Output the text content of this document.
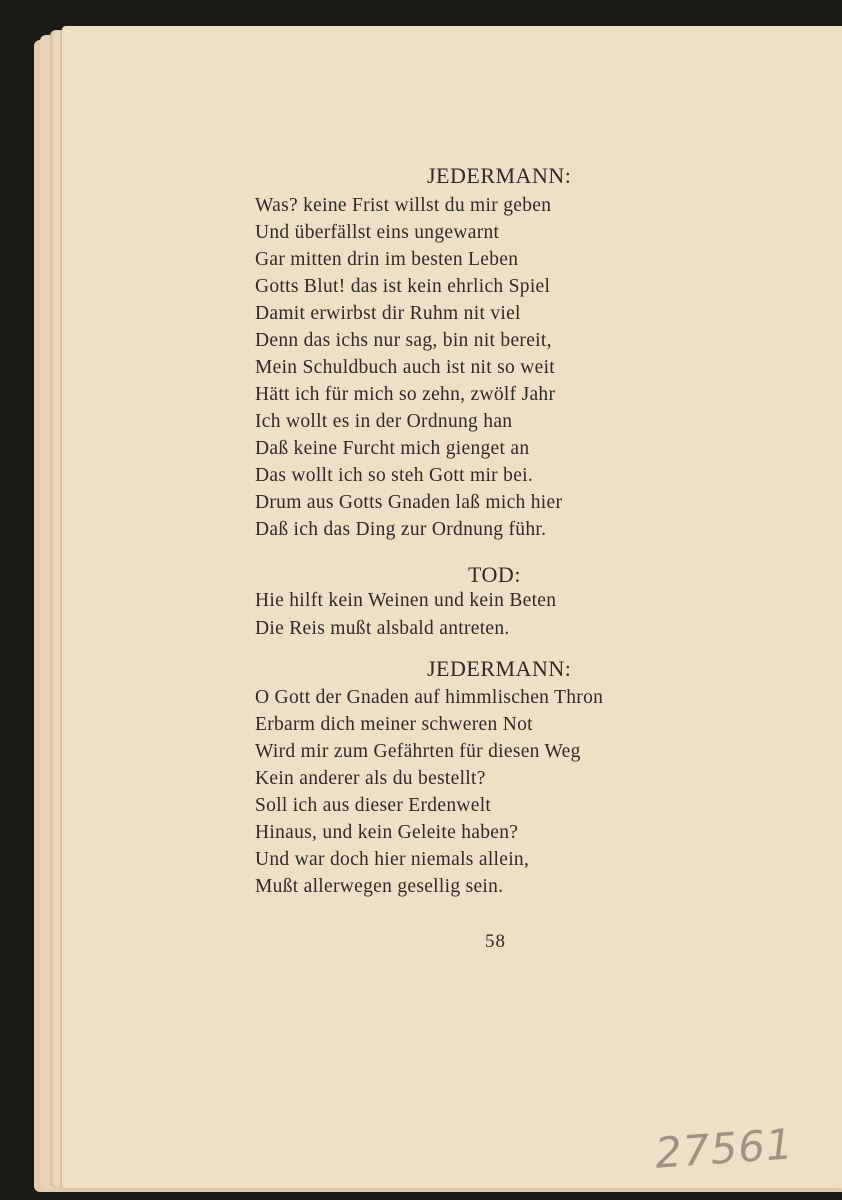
JEDERMANN:
Was? keine Frist willst du mir geben
Und überfällst eins ungewarnt
Gar mitten drin im besten Leben
Gotts Blut! das ist kein ehrlich Spiel
Damit erwirbst dir Ruhm nit viel
Denn das ichs nur sag, bin nit bereit,
Mein Schuldbuch auch ist nit so weit
Hätt ich für mich so zehn, zwölf Jahr
Ich wollt es in der Ordnung han
Daß keine Furcht mich gienget an
Das wollt ich so steh Gott mir bei.
Drum aus Gotts Gnaden laß mich hier
Daß ich das Ding zur Ordnung führ.
TOD:
Hie hilft kein Weinen und kein Beten
Die Reis mußt alsbald antreten.
JEDERMANN:
O Gott der Gnaden auf himmlischen Thron
Erbarm dich meiner schweren Not
Wird mir zum Gefährten für diesen Weg
Kein anderer als du bestellt?
Soll ich aus dieser Erdenwelt
Hinaus, und kein Geleite haben?
Und war doch hier niemals allein,
Mußt allerwegen gesellig sein.
58
27561
